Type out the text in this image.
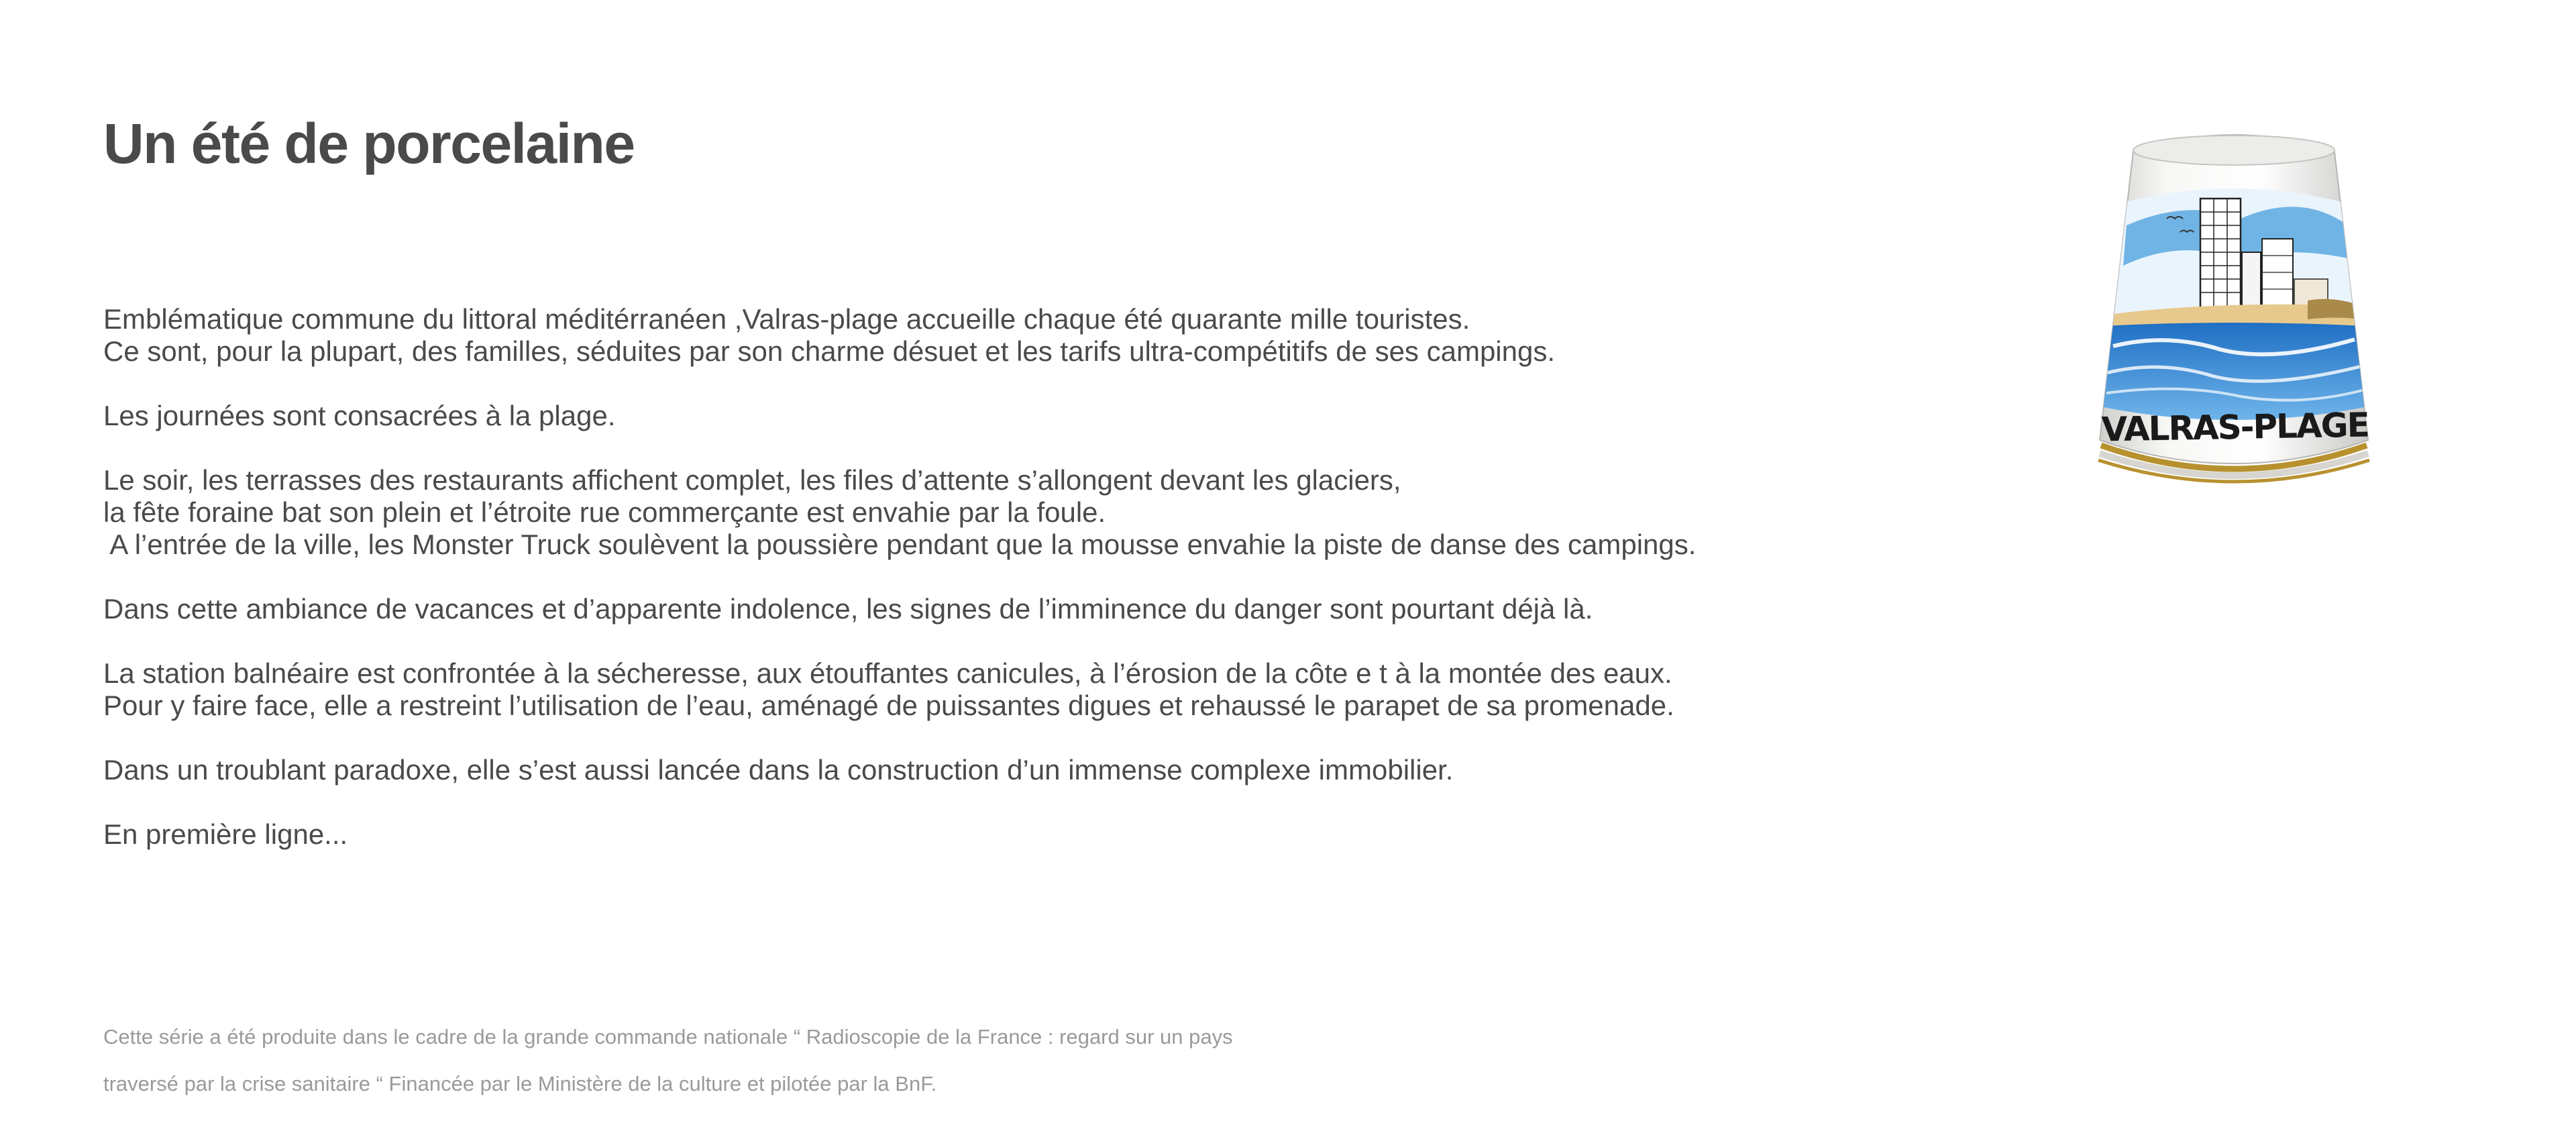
Un été de porcelaine

Emblématique commune du littoral méditérranéen ,Valras-plage accueille chaque été quarante mille touristes.
Ce sont, pour la plupart, des familles, séduites par son charme désuet et les tarifs ultra-compétitifs de ses campings.

Les journées sont consacrées à la plage.

Le soir, les terrasses des restaurants affichent complet, les files d’attente s’allongent devant les glaciers,
la fête foraine bat son plein et l’étroite rue commerçante est envahie par la foule.
A l’entrée de la ville, les Monster Truck soulèvent la poussière pendant que la mousse envahie la piste de danse des campings.

Dans cette ambiance de vacances et d’apparente indolence, les signes de l’imminence du danger sont pourtant déjà là.

La station balnéaire est confrontée à la sécheresse, aux étouffantes canicules, à l’érosion de la côte e t à la montée des eaux.
Pour y faire face, elle a restreint l’utilisation de l’eau, aménagé de puissantes digues et rehaussé le parapet de sa promenade.

Dans un troublant paradoxe, elle s’est aussi lancée dans la construction d’un immense complexe immobilier.

En première ligne...

Cette série a été produite dans le cadre de la grande commande nationale “ Radioscopie de la France : regard sur un pays

traversé par la crise sanitaire “ Financée par le Ministère de la culture et pilotée par la BnF.
VALRAS-PLAGE
